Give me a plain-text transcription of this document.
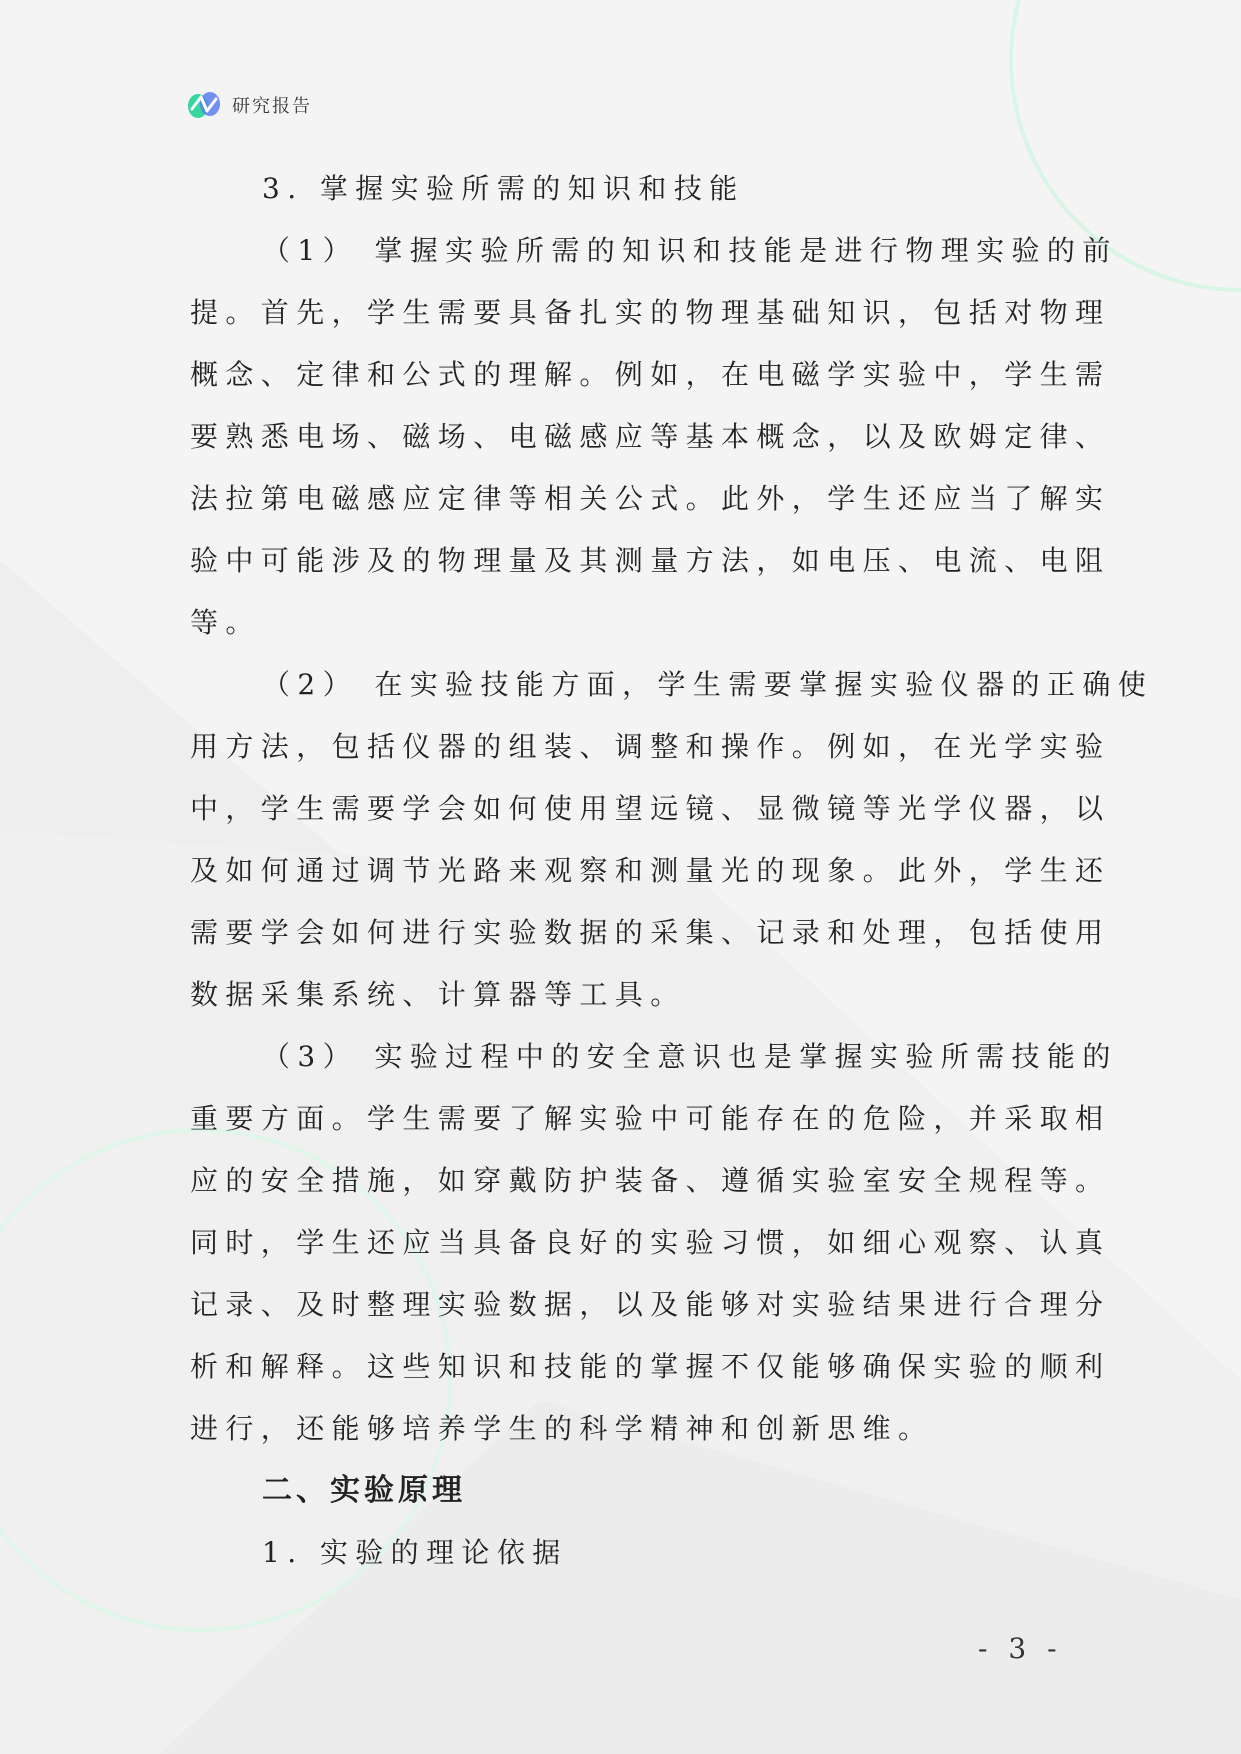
研究报告
3. 掌握实验所需的知识和技能
（1） 掌握实验所需的知识和技能是进行物理实验的前
提。首先，学生需要具备扎实的物理基础知识，包括对物理
概念、定律和公式的理解。例如，在电磁学实验中，学生需
要熟悉电场、磁场、电磁感应等基本概念，以及欧姆定律、
法拉第电磁感应定律等相关公式。此外，学生还应当了解实
验中可能涉及的物理量及其测量方法，如电压、电流、电阻
等。
（2） 在实验技能方面，学生需要掌握实验仪器的正确使
用方法，包括仪器的组装、调整和操作。例如，在光学实验
中，学生需要学会如何使用望远镜、显微镜等光学仪器，以
及如何通过调节光路来观察和测量光的现象。此外，学生还
需要学会如何进行实验数据的采集、记录和处理，包括使用
数据采集系统、计算器等工具。
（3） 实验过程中的安全意识也是掌握实验所需技能的
重要方面。学生需要了解实验中可能存在的危险，并采取相
应的安全措施，如穿戴防护装备、遵循实验室安全规程等。
同时，学生还应当具备良好的实验习惯，如细心观察、认真
记录、及时整理实验数据，以及能够对实验结果进行合理分
析和解释。这些知识和技能的掌握不仅能够确保实验的顺利
进行，还能够培养学生的科学精神和创新思维。
二、实验原理
1. 实验的理论依据
- 3 -
